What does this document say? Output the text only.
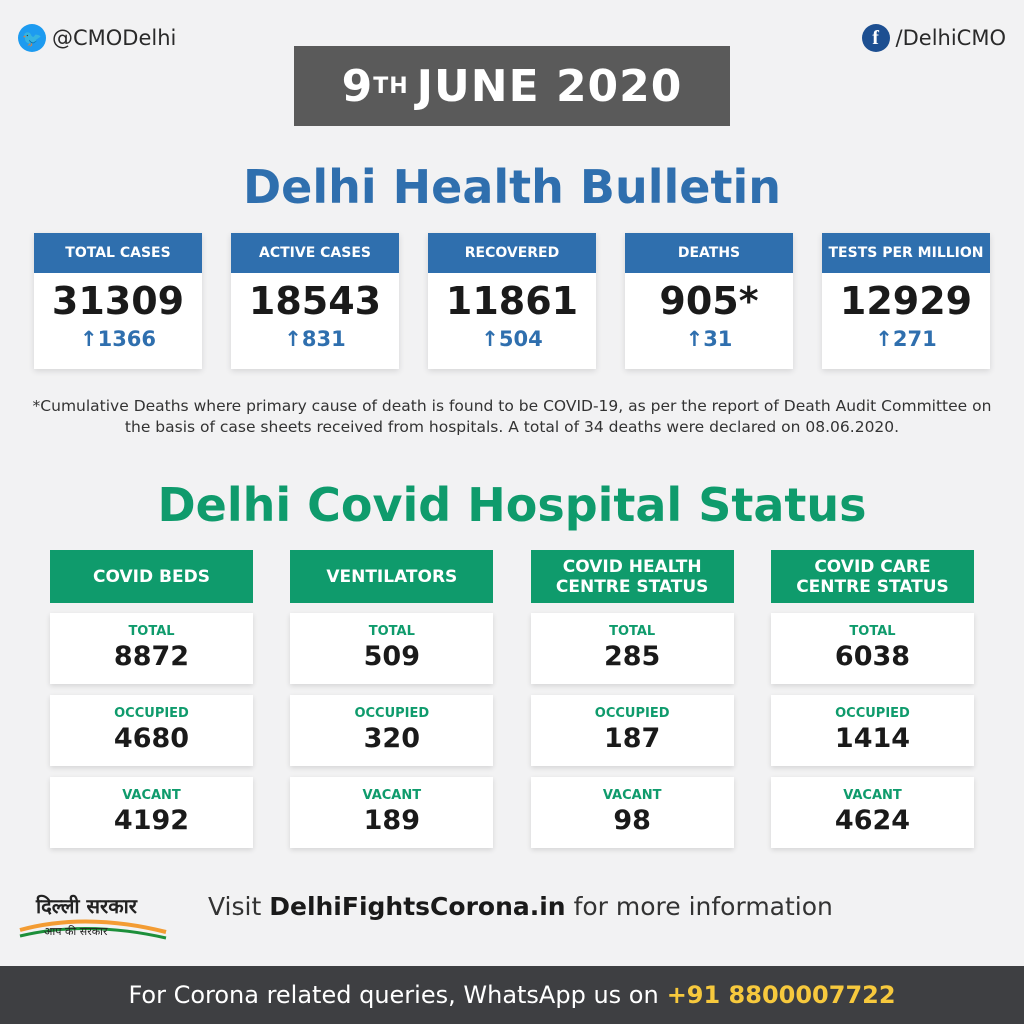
🐦 @CMODelhi	f /DelhiCMO
9 TH JUNE 2020
Delhi Health Bulletin
TOTAL CASES
31309
↑1366
ACTIVE CASES
18543
↑831
RECOVERED
11861
↑504
DEATHS
905*
↑31
TESTS PER MILLION
12929
↑271
*Cumulative Deaths where primary cause of death is found to be COVID-19, as per the report of Death Audit Committee on the basis of case sheets received from hospitals. A total of 34 deaths were declared on 08.06.2020.
Delhi Covid Hospital Status
COVID BEDS
TOTAL
8872
OCCUPIED
4680
VACANT
4192
VENTILATORS
TOTAL
509
OCCUPIED
320
VACANT
189
COVID HEALTH CENTRE STATUS
TOTAL
285
OCCUPIED
187
VACANT
98
COVID CARE CENTRE STATUS
TOTAL
6038
OCCUPIED
1414
VACANT
4624
दिल्ली सरकार
आप की सरकार
Visit DelhiFightsCorona.in for more information
For Corona related queries, WhatsApp us on +91 8800007722
